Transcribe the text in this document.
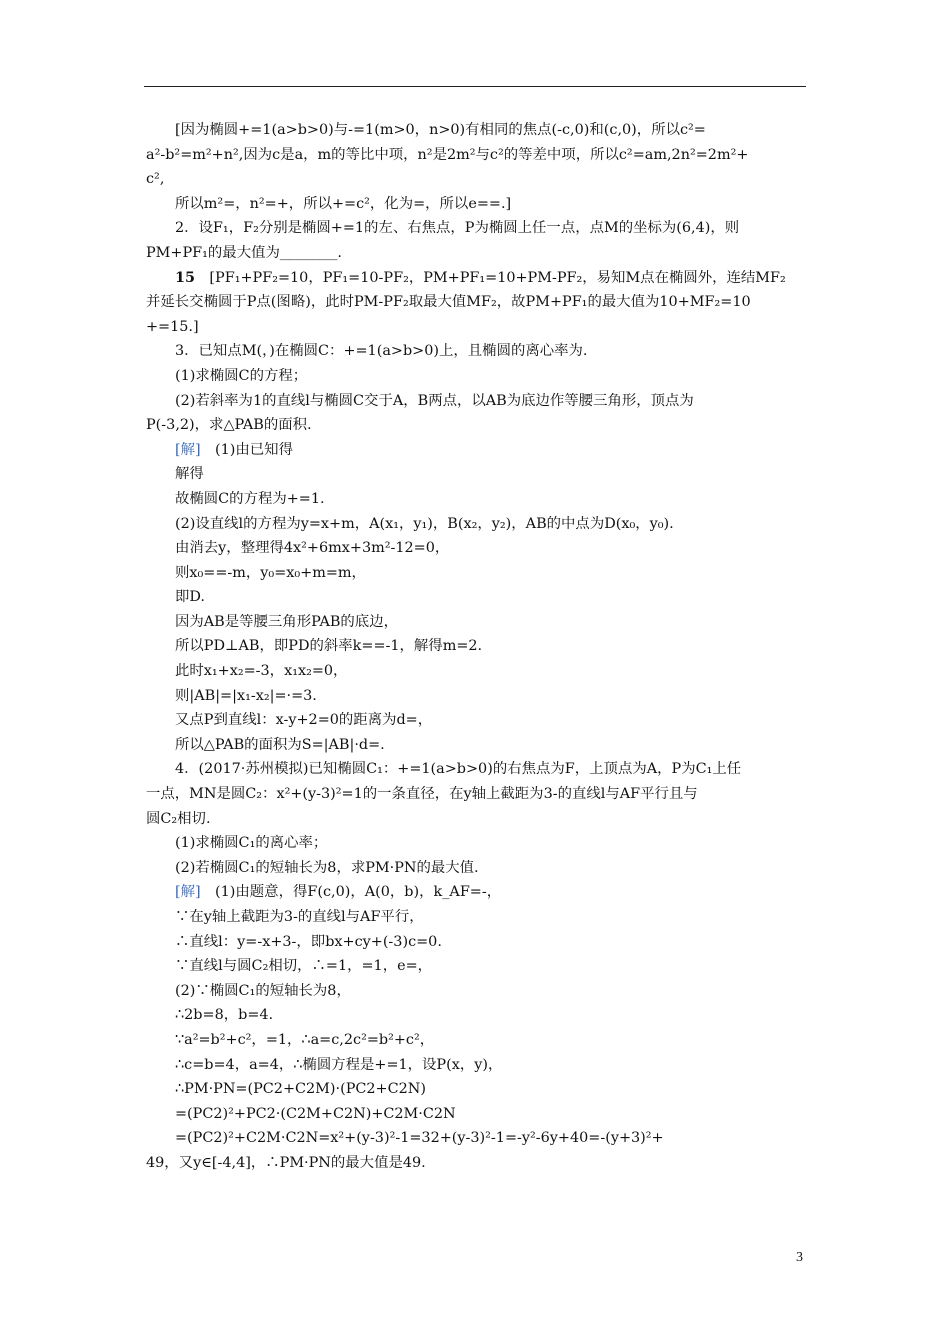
[因为椭圆+=1(a>b>0)与-=1(m>0，n>0)有相同的焦点(-c,0)和(c,0)，所以c²=

a²-b²=m²+n²,因为c是a，m的等比中项，n²是2m²与c²的等差中项，所以c²=am,2n²=2m²+

c²,

所以m²=，n²=+，所以+=c²，化为=，所以e==.]

2．设F₁，F₂分别是椭圆+=1的左、右焦点，P为椭圆上任一点，点M的坐标为(6,4)，则

PM+PF₁的最大值为________.

15　[PF₁+PF₂=10，PF₁=10-PF₂，PM+PF₁=10+PM-PF₂，易知M点在椭圆外，连结MF₂

并延长交椭圆于P点(图略)，此时PM-PF₂取最大值MF₂，故PM+PF₁的最大值为10+MF₂=10

+=15.]

3．已知点M(，)在椭圆C：+=1(a>b>0)上，且椭圆的离心率为.

(1)求椭圆C的方程；

(2)若斜率为1的直线l与椭圆C交于A，B两点，以AB为底边作等腰三角形，顶点为

P(-3,2)，求△PAB的面积.

[解]　(1)由已知得

解得

故椭圆C的方程为+=1.

(2)设直线l的方程为y=x+m，A(x₁，y₁)，B(x₂，y₂)，AB的中点为D(x₀，y₀).

由消去y，整理得4x²+6mx+3m²-12=0，

则x₀==-m，y₀=x₀+m=m，

即D.

因为AB是等腰三角形PAB的底边，

所以PD⊥AB，即PD的斜率k==-1，解得m=2.

此时x₁+x₂=-3，x₁x₂=0，

则|AB|=|x₁-x₂|=·=3.

又点P到直线l：x-y+2=0的距离为d=，

所以△PAB的面积为S=|AB|·d=.

4．(2017·苏州模拟)已知椭圆C₁：+=1(a>b>0)的右焦点为F，上顶点为A，P为C₁上任

一点，MN是圆C₂：x²+(y-3)²=1的一条直径，在y轴上截距为3-的直线l与AF平行且与

圆C₂相切.

(1)求椭圆C₁的离心率；

(2)若椭圆C₁的短轴长为8，求PM·PN的最大值.

[解]　(1)由题意，得F(c,0)，A(0，b)，k_AF=-，

∵在y轴上截距为3-的直线l与AF平行，

∴直线l：y=-x+3-，即bx+cy+(-3)c=0.

∵直线l与圆C₂相切，∴=1，=1，e=，

(2)∵椭圆C₁的短轴长为8，

∴2b=8，b=4.

∵a²=b²+c²，=1，∴a=c,2c²=b²+c²，

∴c=b=4，a=4，∴椭圆方程是+=1，设P(x，y)，

∴PM·PN=(PC2+C2M)·(PC2+C2N)

=(PC2)²+PC2·(C2M+C2N)+C2M·C2N

=(PC2)²+C2M·C2N=x²+(y-3)²-1=32+(y-3)²-1=-y²-6y+40=-(y+3)²+

49，又y∈[-4,4]，∴PM·PN的最大值是49.

3
